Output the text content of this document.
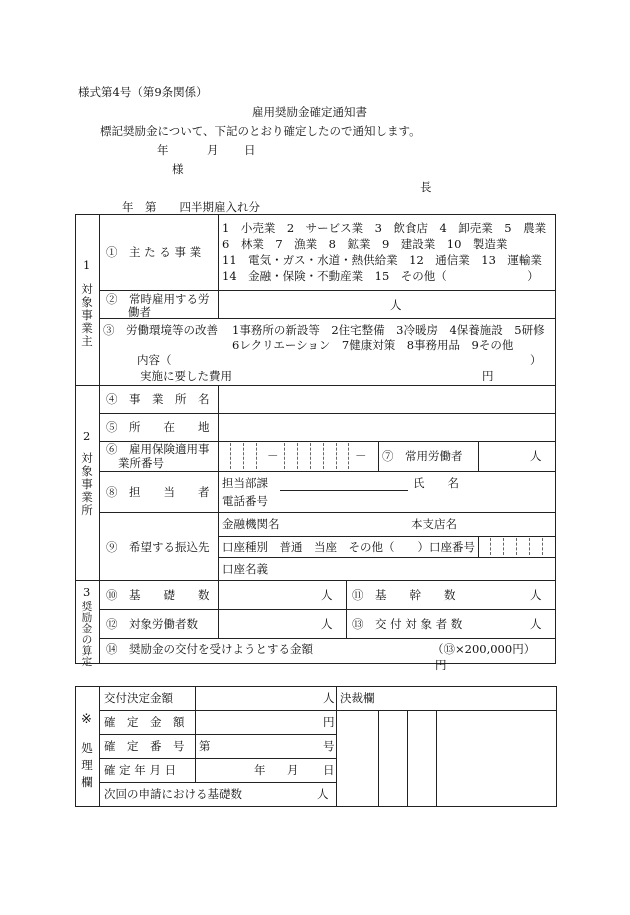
様式第4号（第9条関係）
雇用奨励金確定通知書
標記奨励金について、下記のとおり確定したので通知します。
年	月 日
様
長
年　第　　四半期雇入れ分
1
対
象
事
業
主
①　主 た る 事 業
1　小売業　2　サービス業　3　飲食店　4　卸売業　5　農業
6　林業　7　漁業　8　鉱業　9　建設業　10　製造業
11　電気・ガス・水道・熱供給業　12　通信業　13　運輸業
14　金融・保険・不動産業　15　その他（　　　　　　　）
②　常時雇用する労
働者	人
③　労働環境等の改善 1事務所の新設等　2住宅整備　3冷暖房　4保養施設　5研修
6レクリエーション　7健康対策　8事務用品　9その他
内容（	）
実施に要した費用	円
2
対
象
事
業
所
④　事　業　所　名
⑤　所　　在　　地
⑥　雇用保険適用事
業所番号	－	－ ⑦　常用労働者	人
⑧　担　　当　　者
担当部課	氏　　名
電話番号
⑨　希望する振込先
金融機関名	本支店名
口座種別　普通　当座　その他（　　）口座番号
口座名義
3
奨
励
金
の
算
定
⑩　基　　礎　　数	人 ⑪　基　　幹　　数	人
⑫　対象労働者数	人 ⑬　交 付 対 象 者 数	人
⑭　奨励金の交付を受けようとする金額	（⑬×200,000円）
円
※
処
理
欄
交付決定金額	人 決裁欄
確　定　金　額	円
確　定　番　号 第	号
確 定 年 月 日	年 月 日
次回の申請における基礎数	人
